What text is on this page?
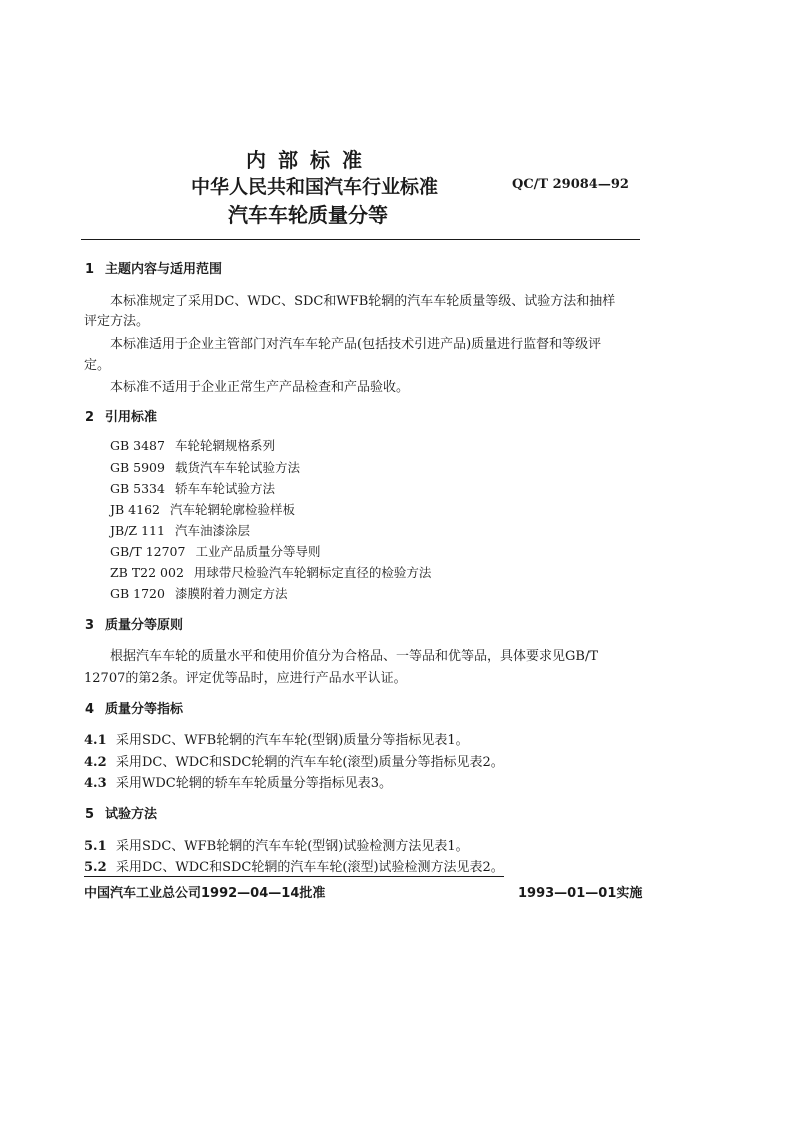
内部标准
中华人民共和国汽车行业标准	QC/T 29084—92
汽车车轮质量分等
1 主题内容与适用范围
本标准规定了采用DC、WDC、SDC和WFB轮辋的汽车车轮质量等级、试验方法和抽样
评定方法。
本标准适用于企业主管部门对汽车车轮产品(包括技术引进产品)质量进行监督和等级评
定。
本标准不适用于企业正常生产产品检查和产品验收。
2 引用标准
GB 3487 车轮轮辋规格系列
GB 5909 载货汽车车轮试验方法
GB 5334 轿车车轮试验方法
JB 4162 汽车轮辋轮廓检验样板
JB/Z 111 汽车油漆涂层
GB/T 12707 工业产品质量分等导则
ZB T22 002 用球带尺检验汽车轮辋标定直径的检验方法
GB 1720 漆膜附着力测定方法
3 质量分等原则
根据汽车车轮的质量水平和使用价值分为合格品、一等品和优等品，具体要求见GB/T
12707的第2条。评定优等品时，应进行产品水平认证。
4 质量分等指标
4.1 采用SDC、WFB轮辋的汽车车轮(型钢)质量分等指标见表1。
4.2 采用DC、WDC和SDC轮辋的汽车车轮(滚型)质量分等指标见表2。
4.3 采用WDC轮辋的轿车车轮质量分等指标见表3。
5 试验方法
5.1 采用SDC、WFB轮辋的汽车车轮(型钢)试验检测方法见表1。
5.2 采用DC、WDC和SDC轮辋的汽车车轮(滚型)试验检测方法见表2。
中国汽车工业总公司1992—04—14批准	1993—01—01实施
